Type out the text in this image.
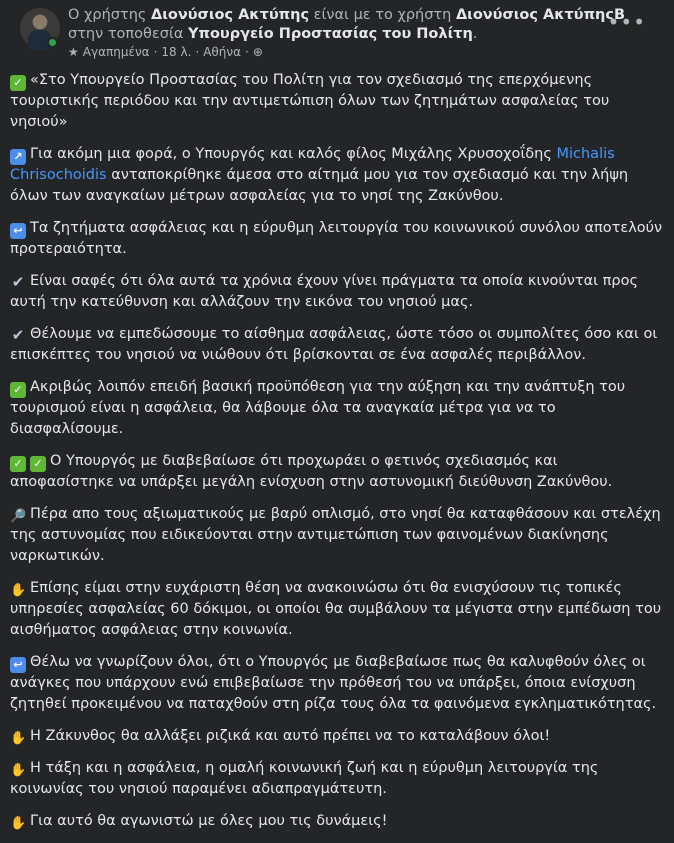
Ο χρήστης Διονύσιος Ακτύπης είναι με το χρήστη Διονύσιος ΑκτύπηςΒ στην τοποθεσία Υπουργείο Προστασίας του Πολίτη.
★ Αγαπημένα · 18 λ. · Αθήνα · ⊕
•••
✓ «Στο Υπουργείο Προστασίας του Πολίτη για τον σχεδιασμό της επερχόμενης τουριστικής περιόδου και την αντιμετώπιση όλων των ζητημάτων ασφαλείας του νησιού»
↗ Για ακόμη μια φορά, ο Υπουργός και καλός φίλος Μιχάλης Χρυσοχοΐδης Michalis Chrisochoidis ανταποκρίθηκε άμεσα στο αίτημά μου για τον σχεδιασμό και την λήψη όλων των αναγκαίων μέτρων ασφαλείας για το νησί της Ζακύνθου.
↩ Τα ζητήματα ασφάλειας και η εύρυθμη λειτουργία του κοινωνικού συνόλου αποτελούν προτεραιότητα.
✔ Είναι σαφές ότι όλα αυτά τα χρόνια έχουν γίνει πράγματα τα οποία κινούνται προς αυτή την κατεύθυνση και αλλάζουν την εικόνα του νησιού μας.
✔ Θέλουμε να εμπεδώσουμε το αίσθημα ασφάλειας, ώστε τόσο οι συμπολίτες όσο και οι επισκέπτες του νησιού να νιώθουν ότι βρίσκονται σε ένα ασφαλές περιβάλλον.
✓ Ακριβώς λοιπόν επειδή βασική προϋπόθεση για την αύξηση και την ανάπτυξη του τουρισμού είναι η ασφάλεια, θα λάβουμε όλα τα αναγκαία μέτρα για να το διασφαλίσουμε.
✓ ✓ Ο Υπουργός με διαβεβαίωσε ότι προχωράει ο φετινός σχεδιασμός και αποφασίστηκε να υπάρξει μεγάλη ενίσχυση στην αστυνομική διεύθυνση Ζακύνθου.
🔎 Πέρα απο τους αξιωματικούς με βαρύ οπλισμό, στο νησί θα καταφθάσουν και στελέχη της αστυνομίας που ειδικεύονται στην αντιμετώπιση των φαινομένων διακίνησης ναρκωτικών.
✋ Επίσης είμαι στην ευχάριστη θέση να ανακοινώσω ότι θα ενισχύσουν τις τοπικές υπηρεσίες ασφαλείας 60 δόκιμοι, οι οποίοι θα συμβάλουν τα μέγιστα στην εμπέδωση του αισθήματος ασφάλειας στην κοινωνία.
↩ Θέλω να γνωρίζουν όλοι, ότι ο Υπουργός με διαβεβαίωσε πως θα καλυφθούν όλες οι ανάγκες που υπάρχουν ενώ επιβεβαίωσε την πρόθεσή του να υπάρξει, όποια ενίσχυση ζητηθεί προκειμένου να παταχθούν στη ρίζα τους όλα τα φαινόμενα εγκληματικότητας.
✋ Η Ζάκυνθος θα αλλάξει ριζικά και αυτό πρέπει να το καταλάβουν όλοι!
✋ Η τάξη και η ασφάλεια, η ομαλή κοινωνική ζωή και η εύρυθμη λειτουργία της κοινωνίας του νησιού παραμένει αδιαπραγμάτευτη.
✋ Για αυτό θα αγωνιστώ με όλες μου τις δυνάμεις!
